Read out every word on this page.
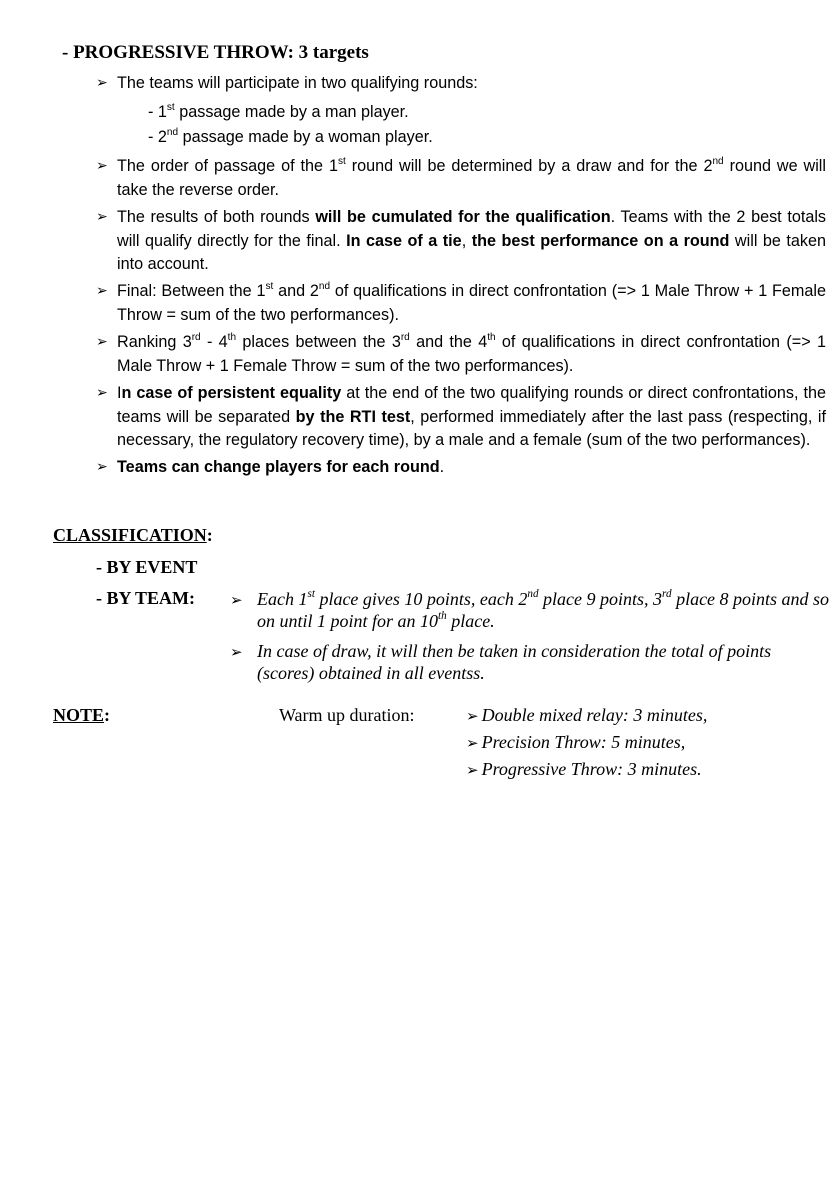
- PROGRESSIVE THROW: 3 targets
➢ The teams will participate in two qualifying rounds:
- 1st passage made by a man player.
- 2nd passage made by a woman player.
➢ The order of passage of the 1st round will be determined by a draw and for the 2nd round we will take the reverse order.
➢ The results of both rounds will be cumulated for the qualification. Teams with the 2 best totals will qualify directly for the final. In case of a tie, the best performance on a round will be taken into account.
➢ Final: Between the 1st and 2nd of qualifications in direct confrontation (=> 1 Male Throw + 1 Female Throw = sum of the two performances).
➢ Ranking 3rd - 4th places between the 3rd and the 4th of qualifications in direct confrontation (=> 1 Male Throw + 1 Female Throw = sum of the two performances).
➢ In case of persistent equality at the end of the two qualifying rounds or direct confrontations, the teams will be separated by the RTI test, performed immediately after the last pass (respecting, if necessary, the regulatory recovery time), by a male and a female (sum of the two performances).
➢ Teams can change players for each round.
CLASSIFICATION:
- BY EVENT
- BY TEAM: ➢ Each 1st place gives 10 points, each 2nd place 9 points, 3rd place 8 points and so on until 1 point for an 10th place.
➢ In case of draw, it will then be taken in consideration the total of points (scores) obtained in all eventss.
NOTE:	Warm up duration:	➢ Double mixed relay: 3 minutes,
➢ Precision Throw: 5 minutes,
➢ Progressive Throw: 3 minutes.
